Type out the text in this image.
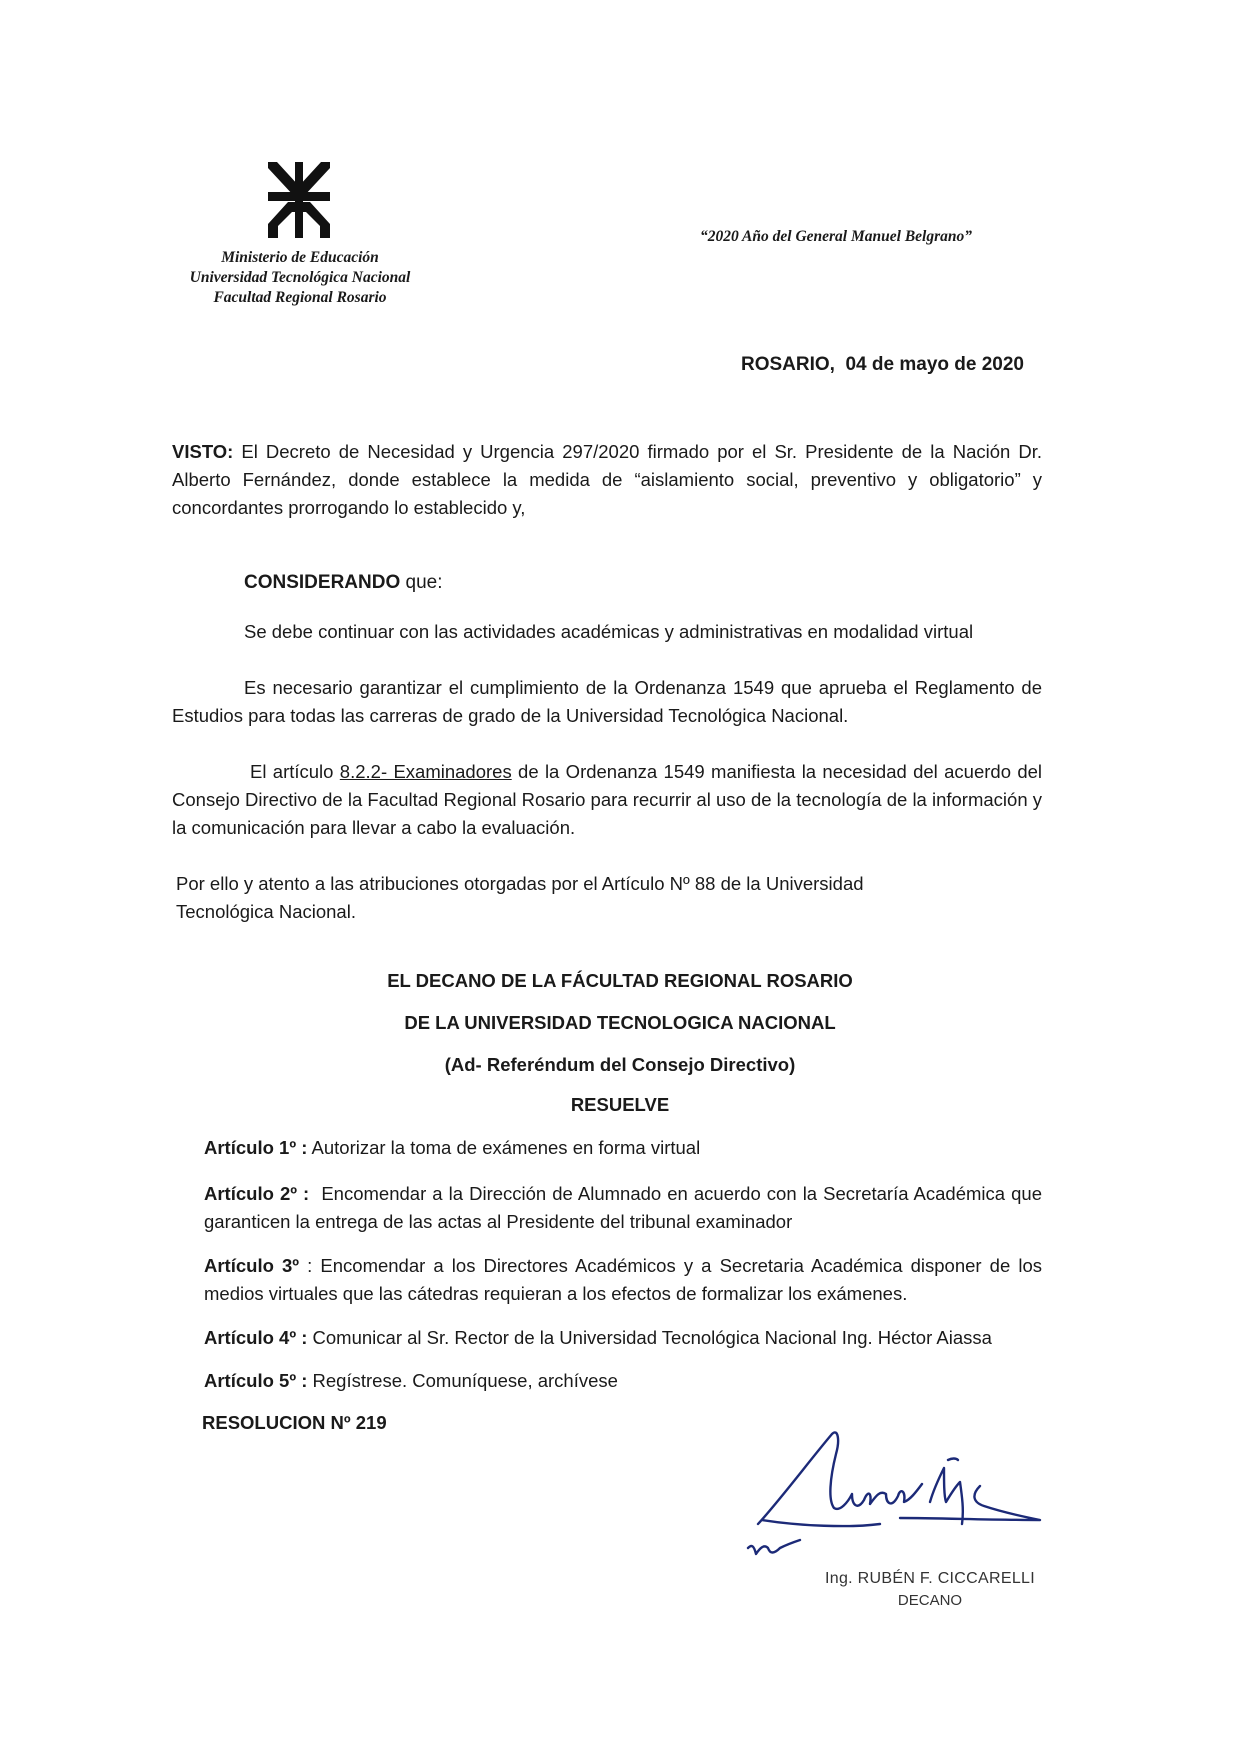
Ministerio de Educación
Universidad Tecnológica Nacional
Facultad Regional Rosario
“2020 Año del General Manuel Belgrano”
ROSARIO,  04 de mayo de 2020
VISTO: El Decreto de Necesidad y Urgencia 297/2020 firmado por el Sr. Presidente de la Nación Dr. Alberto Fernández, donde establece la medida de “aislamiento social, preventivo y obligatorio” y concordantes prorrogando lo establecido y,
CONSIDERANDO que:
Se debe continuar con las actividades académicas y administrativas en modalidad virtual
Es necesario garantizar el cumplimiento de la Ordenanza 1549 que aprueba el Reglamento de Estudios para todas las carreras de grado de la Universidad Tecnológica Nacional.
El artículo 8.2.2- Examinadores de la Ordenanza 1549 manifiesta la necesidad del acuerdo del Consejo Directivo de la Facultad Regional Rosario para recurrir al uso de la tecnología de la información y la comunicación para llevar a cabo la evaluación.
Por ello y atento a las atribuciones otorgadas por el Artículo Nº 88 de la Universidad Tecnológica Nacional.
EL DECANO DE LA FÁCULTAD REGIONAL ROSARIO
DE LA UNIVERSIDAD TECNOLOGICA NACIONAL
(Ad- Referéndum del Consejo Directivo)
RESUELVE
Artículo 1º : Autorizar la toma de exámenes en forma virtual
Artículo 2º :  Encomendar a la Dirección de Alumnado en acuerdo con la Secretaría Académica que garanticen la entrega de las actas al Presidente del tribunal examinador
Artículo 3º : Encomendar a los Directores Académicos y a Secretaria Académica disponer de los medios virtuales que las cátedras requieran a los efectos de formalizar los exámenes.
Artículo 4º : Comunicar al Sr. Rector de la Universidad Tecnológica Nacional Ing. Héctor Aiassa
Artículo 5º : Regístrese. Comuníquese, archívese
RESOLUCION Nº 219
Ing. RUBÉN F. CICCARELLI
DECANO
